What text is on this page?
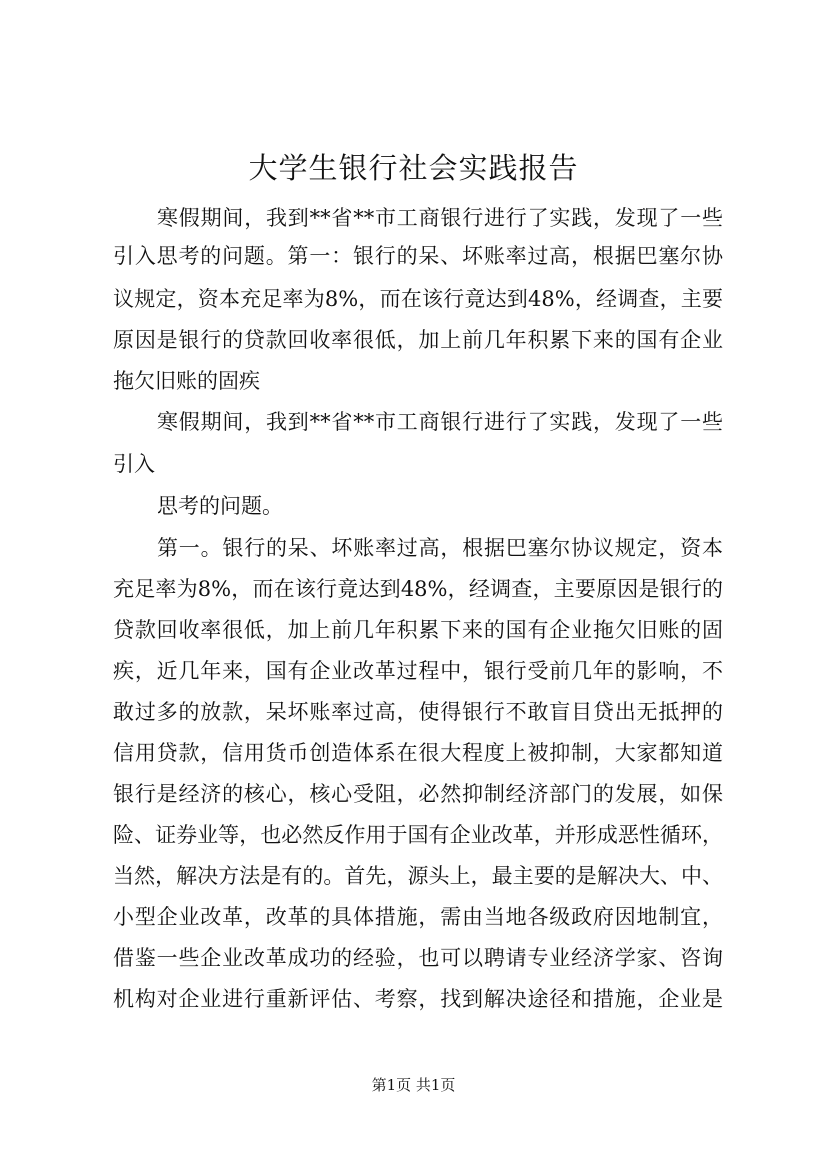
大学生银行社会实践报告
寒假期间，我到**省**市工商银行进行了实践，发现了一些
引入思考的问题。第一：银行的呆、坏账率过高，根据巴塞尔协
议规定，资本充足率为8%，而在该行竟达到48%，经调查，主要
原因是银行的贷款回收率很低，加上前几年积累下来的国有企业
拖欠旧账的固疾
寒假期间，我到**省**市工商银行进行了实践，发现了一些
引入
思考的问题。
第一。银行的呆、坏账率过高，根据巴塞尔协议规定，资本
充足率为8%，而在该行竟达到48%，经调查，主要原因是银行的
贷款回收率很低，加上前几年积累下来的国有企业拖欠旧账的固
疾，近几年来，国有企业改革过程中，银行受前几年的影响，不
敢过多的放款，呆坏账率过高，使得银行不敢盲目贷出无抵押的
信用贷款，信用货币创造体系在很大程度上被抑制，大家都知道
银行是经济的核心，核心受阻，必然抑制经济部门的发展，如保
险、证券业等，也必然反作用于国有企业改革，并形成恶性循环，
当然，解决方法是有的。首先，源头上，最主要的是解决大、中、
小型企业改革，改革的具体措施，需由当地各级政府因地制宜，
借鉴一些企业改革成功的经验，也可以聘请专业经济学家、咨询
机构对企业进行重新评估、考察，找到解决途径和措施，企业是
第1页 共1页
